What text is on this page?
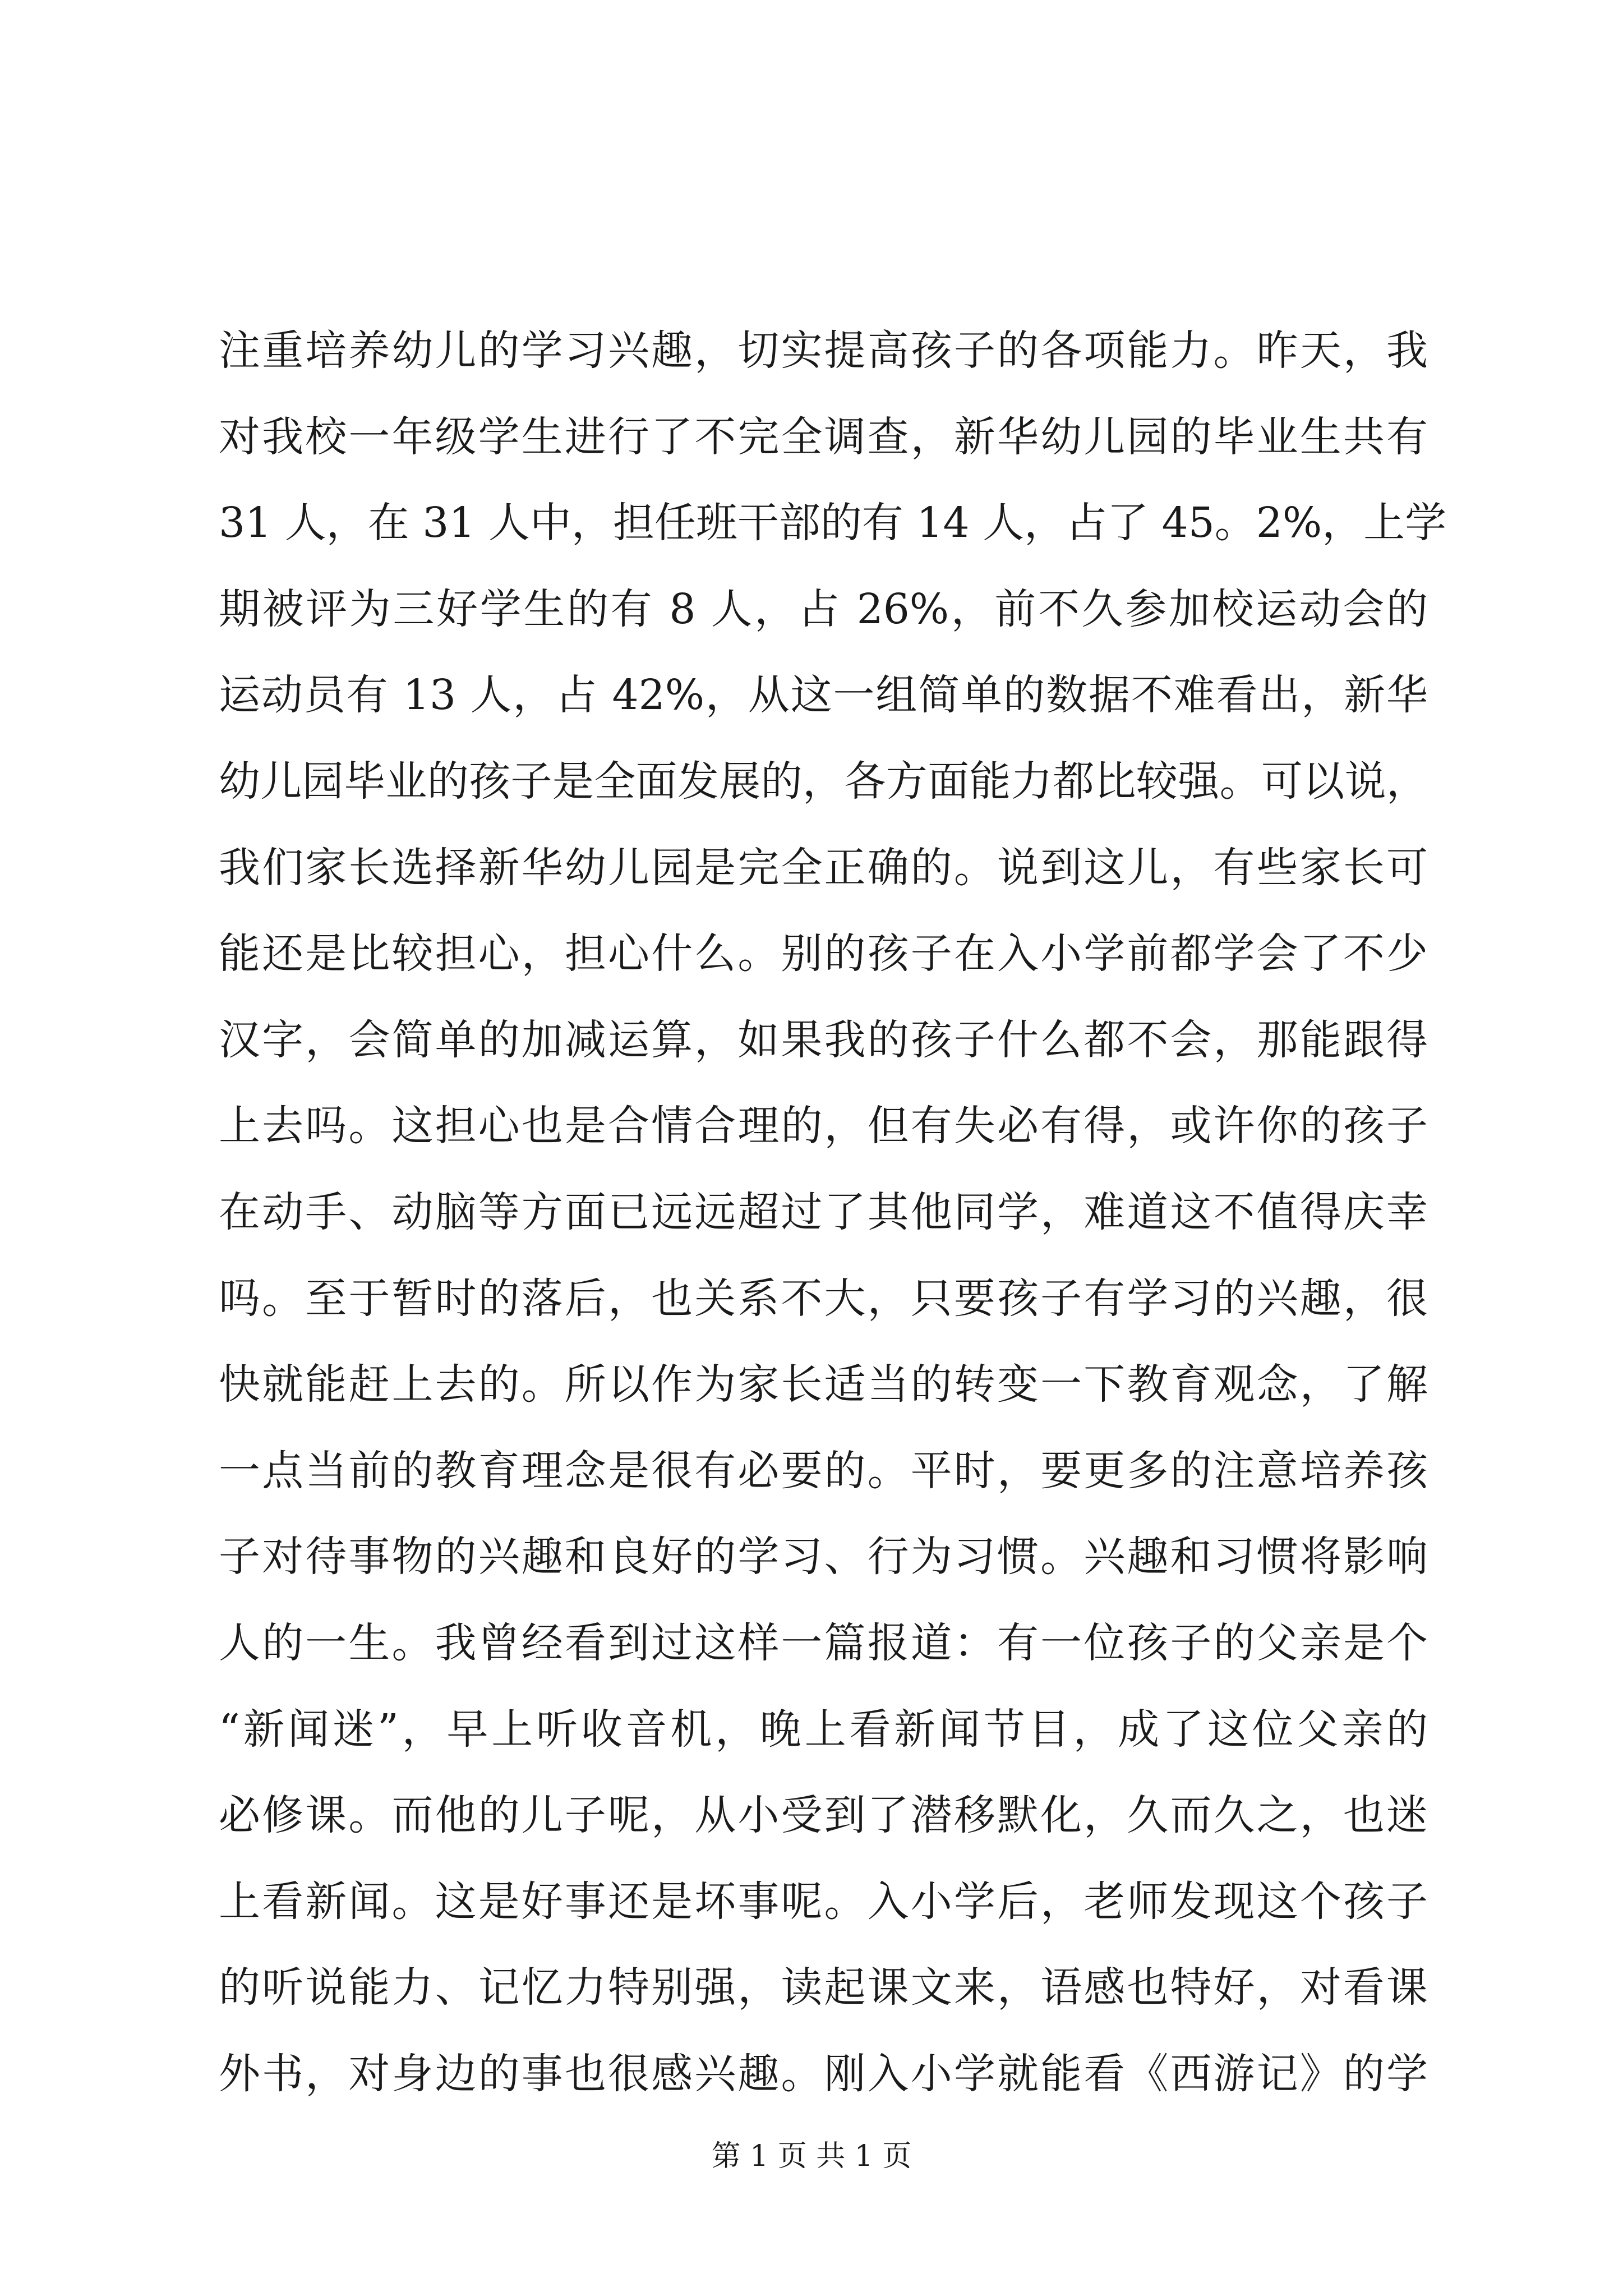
注重培养幼儿的学习兴趣，切实提高孩子的各项能力。昨天，我
对我校一年级学生进行了不完全调查，新华幼儿园的毕业生共有
31 人，在 31 人中，担任班干部的有 14 人，占了 45。2%，上学
期被评为三好学生的有 8 人，占 26%，前不久参加校运动会的
运动员有 13 人，占 42%，从这一组简单的数据不难看出，新华
幼儿园毕业的孩子是全面发展的，各方面能力都比较强。可以说，
我们家长选择新华幼儿园是完全正确的。说到这儿，有些家长可
能还是比较担心，担心什么。别的孩子在入小学前都学会了不少
汉字，会简单的加减运算，如果我的孩子什么都不会，那能跟得
上去吗。这担心也是合情合理的，但有失必有得，或许你的孩子
在动手、动脑等方面已远远超过了其他同学，难道这不值得庆幸
吗。至于暂时的落后，也关系不大，只要孩子有学习的兴趣，很
快就能赶上去的。所以作为家长适当的转变一下教育观念，了解
一点当前的教育理念是很有必要的。平时，要更多的注意培养孩
子对待事物的兴趣和良好的学习、行为习惯。兴趣和习惯将影响
人的一生。我曾经看到过这样一篇报道：有一位孩子的父亲是个
“新闻迷”，早上听收音机，晚上看新闻节目，成了这位父亲的
必修课。而他的儿子呢，从小受到了潜移默化，久而久之，也迷
上看新闻。这是好事还是坏事呢。入小学后，老师发现这个孩子
的听说能力、记忆力特别强，读起课文来，语感也特好，对看课
外书，对身边的事也很感兴趣。刚入小学就能看《西游记》的学
第 1 页 共 1 页
